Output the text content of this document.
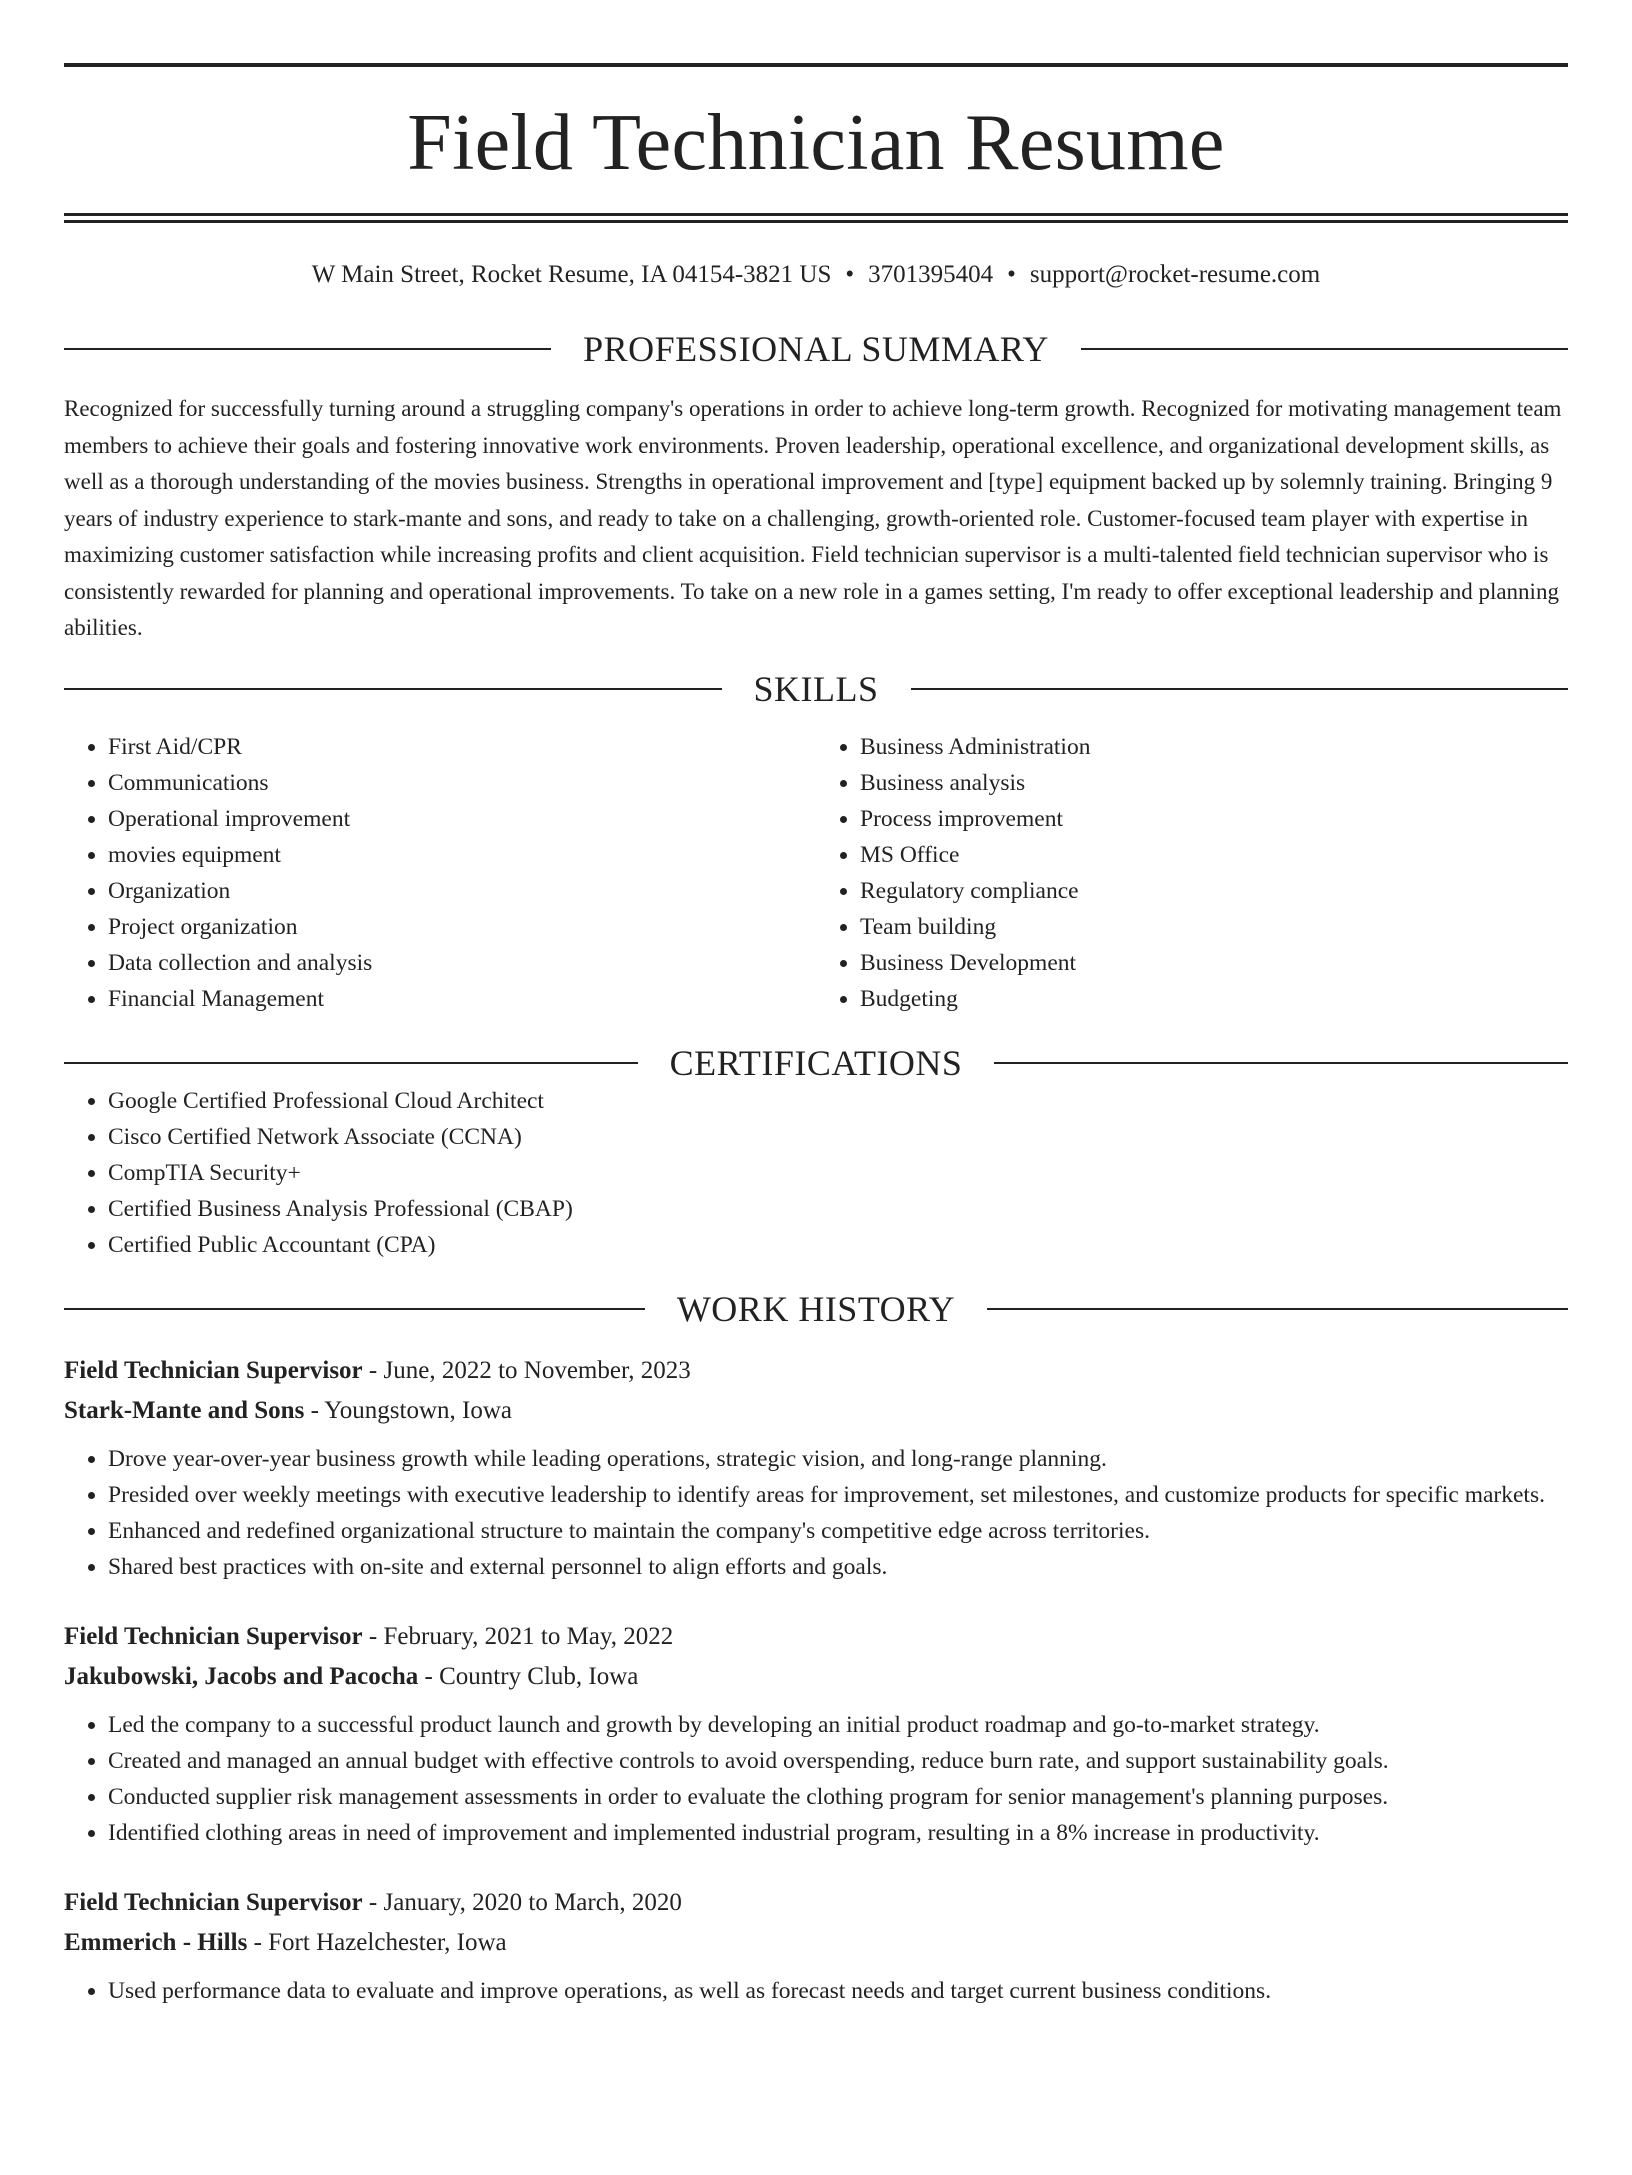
Field Technician Resume
W Main Street, Rocket Resume, IA 04154-3821 US • 3701395404 • support@rocket-resume.com
PROFESSIONAL SUMMARY

Recognized for successfully turning around a struggling company's operations in order to achieve long-term growth. Recognized for motivating management team members to achieve their goals and fostering innovative work environments. Proven leadership, operational excellence, and organizational development skills, as well as a thorough understanding of the movies business. Strengths in operational improvement and [type] equipment backed up by solemnly training. Bringing 9 years of industry experience to stark-mante and sons, and ready to take on a challenging, growth-oriented role. Customer-focused team player with expertise in maximizing customer satisfaction while increasing profits and client acquisition. Field technician supervisor is a multi-talented field technician supervisor who is consistently rewarded for planning and operational improvements. To take on a new role in a games setting, I'm ready to offer exceptional leadership and planning abilities.

SKILLS
• First Aid/CPR
• Communications
• Operational improvement
• movies equipment
• Organization
• Project organization
• Data collection and analysis
• Financial Management
• Business Administration
• Business analysis
• Process improvement
• MS Office
• Regulatory compliance
• Team building
• Business Development
• Budgeting
CERTIFICATIONS
• Google Certified Professional Cloud Architect
• Cisco Certified Network Associate (CCNA)
• CompTIA Security+
• Certified Business Analysis Professional (CBAP)
• Certified Public Accountant (CPA)
WORK HISTORY
Field Technician Supervisor - June, 2022 to November, 2023
Stark-Mante and Sons - Youngstown, Iowa
• Drove year-over-year business growth while leading operations, strategic vision, and long-range planning.
• Presided over weekly meetings with executive leadership to identify areas for improvement, set milestones, and customize products for specific markets.
• Enhanced and redefined organizational structure to maintain the company's competitive edge across territories.
• Shared best practices with on-site and external personnel to align efforts and goals.
Field Technician Supervisor - February, 2021 to May, 2022
Jakubowski, Jacobs and Pacocha - Country Club, Iowa
• Led the company to a successful product launch and growth by developing an initial product roadmap and go-to-market strategy.
• Created and managed an annual budget with effective controls to avoid overspending, reduce burn rate, and support sustainability goals.
• Conducted supplier risk management assessments in order to evaluate the clothing program for senior management's planning purposes.
• Identified clothing areas in need of improvement and implemented industrial program, resulting in a 8% increase in productivity.
Field Technician Supervisor - January, 2020 to March, 2020
Emmerich - Hills - Fort Hazelchester, Iowa
• Used performance data to evaluate and improve operations, as well as forecast needs and target current business conditions.
